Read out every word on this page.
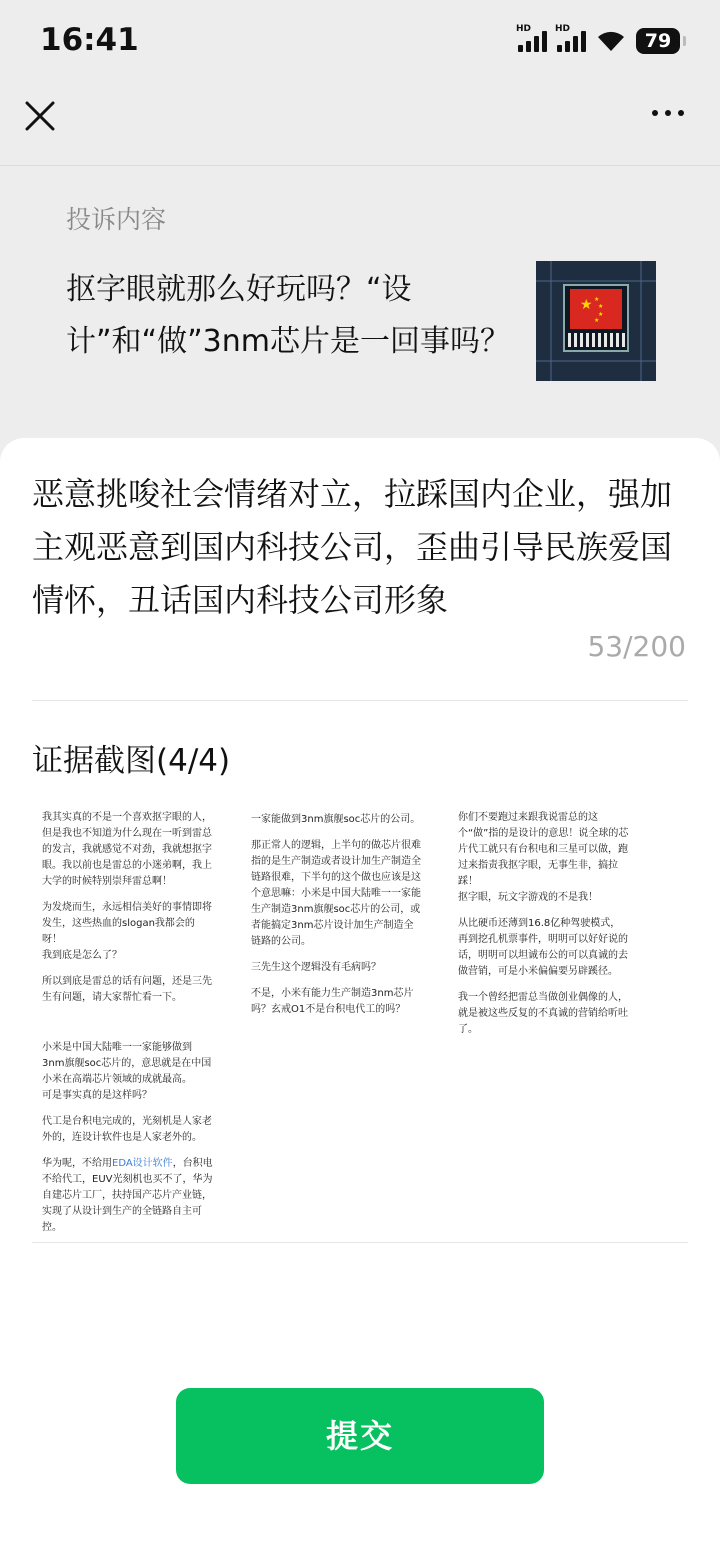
16:41	HD	HD
79
投诉内容
抠字眼就那么好玩吗？“设计”和“做”3nm芯片是一回事吗？
★ ★
★
★
★
恶意挑唆社会情绪对立，拉踩国内企业，强加主观恶意到国内科技公司，歪曲引导民族爱国情怀，丑话国内科技公司形象
53/200
证据截图(4/4)

我其实真的不是一个喜欢抠字眼的人，但是我也不知道为什么现在一听到雷总的发言，我就感觉不对劲，我就想抠字眼。我以前也是雷总的小迷弟啊，我上大学的时候特别崇拜雷总啊！

为发烧而生，永远相信美好的事情即将发生，这些热血的slogan我都会的呀！
我到底是怎么了？

所以到底是雷总的话有问题，还是三先生有问题，请大家帮忙看一下。

小米是中国大陆唯一一家能够做到3nm旗舰soc芯片的，意思就是在中国小米在高端芯片领域的成就最高。
可是事实真的是这样吗？

代工是台积电完成的，光刻机是人家老外的，连设计软件也是人家老外的。

华为呢，不给用EDA设计软件，台积电不给代工，EUV光刻机也买不了，华为自建芯片工厂，扶持国产芯片产业链，实现了从设计到生产的全链路自主可控。

一家能做到3nm旗舰soc芯片的公司。

那正常人的逻辑，上半句的做芯片很难指的是生产制造或者设计加生产制造全链路很难，下半句的这个做也应该是这个意思嘛：小米是中国大陆唯一一家能生产制造3nm旗舰soc芯片的公司，或者能搞定3nm芯片设计加生产制造全链路的公司。

三先生这个逻辑没有毛病吗？

不是，小米有能力生产制造3nm芯片吗？玄戒O1不是台积电代工的吗？

你们不要跑过来跟我说雷总的这个“做”指的是设计的意思！说全球的芯片代工就只有台积电和三星可以做，跑过来指责我抠字眼，无事生非，搞拉踩！
抠字眼，玩文字游戏的不是我！

从比硬币还薄到16.8亿种驾驶模式，再到挖孔机票事件，明明可以好好说的话，明明可以坦诚布公的可以真诚的去做营销，可是小米偏偏要另辟蹊径。

我一个曾经把雷总当做创业偶像的人，就是被这些反复的不真诚的营销给听吐了。

提交
